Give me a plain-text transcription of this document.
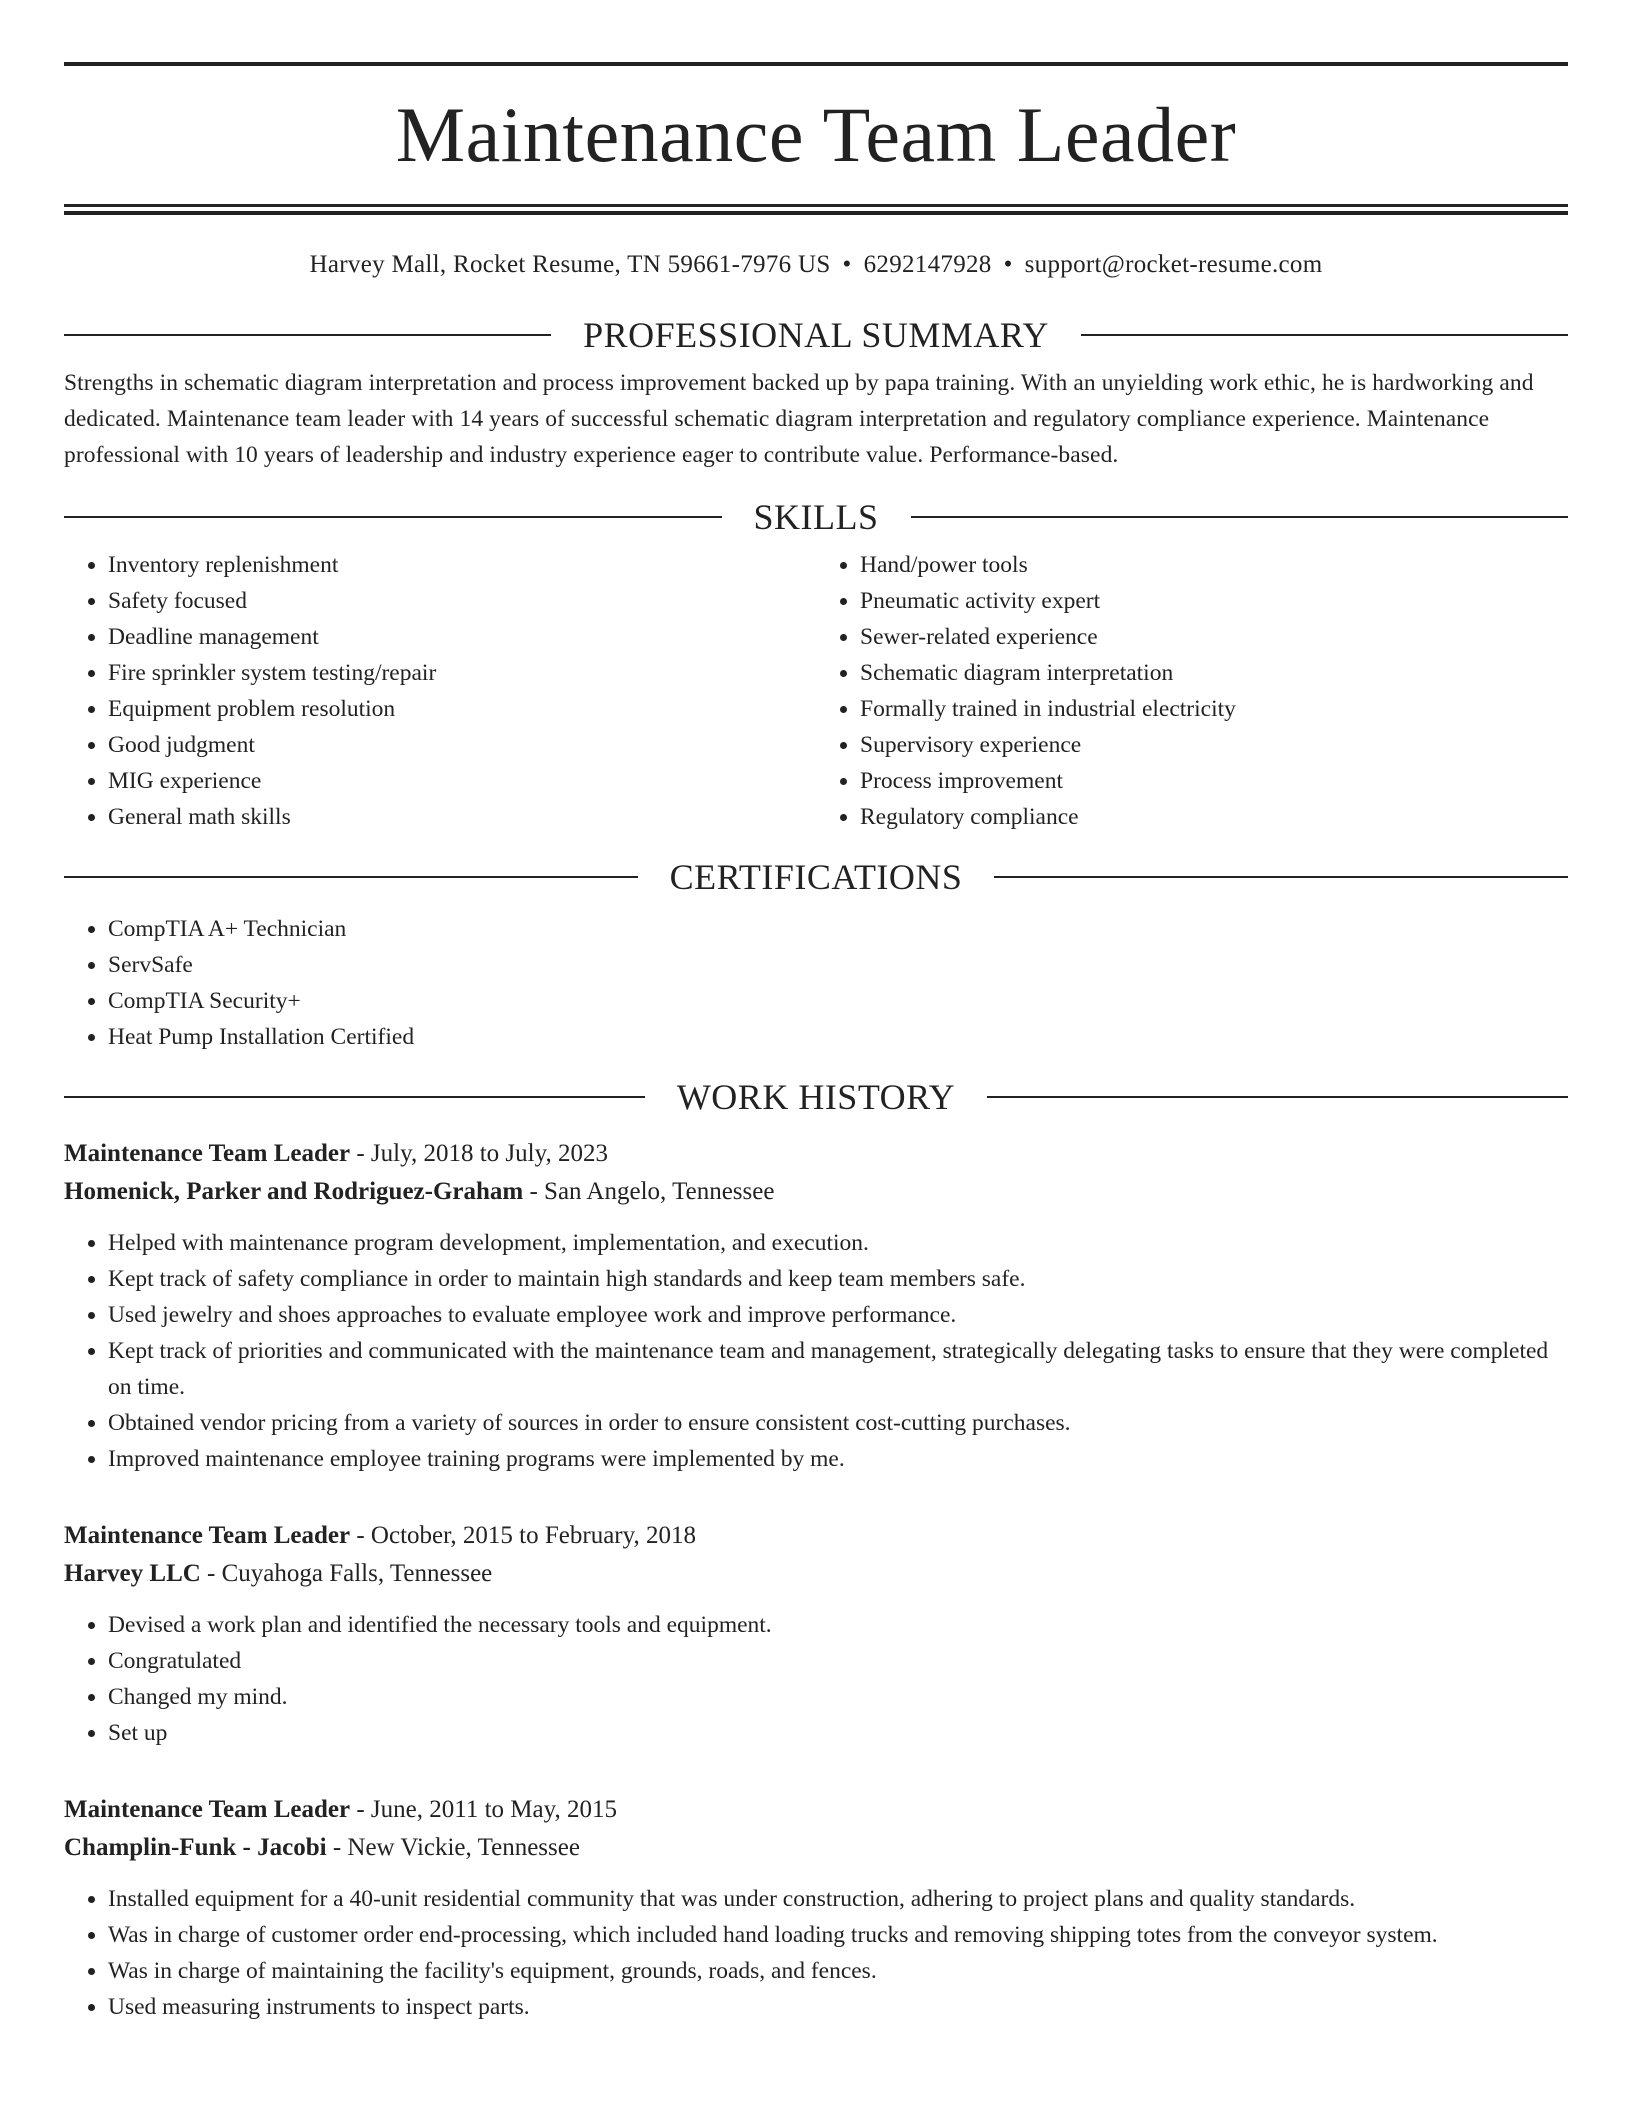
Maintenance Team Leader
Harvey Mall, Rocket Resume, TN 59661-7976 US • 6292147928 • support@rocket-resume.com
PROFESSIONAL SUMMARY

Strengths in schematic diagram interpretation and process improvement backed up by papa training. With an unyielding work ethic, he is hardworking and dedicated. Maintenance team leader with 14 years of successful schematic diagram interpretation and regulatory compliance experience. Maintenance professional with 10 years of leadership and industry experience eager to contribute value. Performance-based.

SKILLS
• Inventory replenishment
• Safety focused
• Deadline management
• Fire sprinkler system testing/repair
• Equipment problem resolution
• Good judgment
• MIG experience
• General math skills
• Hand/power tools
• Pneumatic activity expert
• Sewer-related experience
• Schematic diagram interpretation
• Formally trained in industrial electricity
• Supervisory experience
• Process improvement
• Regulatory compliance
CERTIFICATIONS
• CompTIA A+ Technician
• ServSafe
• CompTIA Security+
• Heat Pump Installation Certified
WORK HISTORY
Maintenance Team Leader - July, 2018 to July, 2023
Homenick, Parker and Rodriguez-Graham - San Angelo, Tennessee
• Helped with maintenance program development, implementation, and execution.
• Kept track of safety compliance in order to maintain high standards and keep team members safe.
• Used jewelry and shoes approaches to evaluate employee work and improve performance.
• Kept track of priorities and communicated with the maintenance team and management, strategically delegating tasks to ensure that they were completed on time.
• Obtained vendor pricing from a variety of sources in order to ensure consistent cost-cutting purchases.
• Improved maintenance employee training programs were implemented by me.
Maintenance Team Leader - October, 2015 to February, 2018
Harvey LLC - Cuyahoga Falls, Tennessee
• Devised a work plan and identified the necessary tools and equipment.
• Congratulated
• Changed my mind.
• Set up
Maintenance Team Leader - June, 2011 to May, 2015
Champlin-Funk - Jacobi - New Vickie, Tennessee
• Installed equipment for a 40-unit residential community that was under construction, adhering to project plans and quality standards.
• Was in charge of customer order end-processing, which included hand loading trucks and removing shipping totes from the conveyor system.
• Was in charge of maintaining the facility's equipment, grounds, roads, and fences.
• Used measuring instruments to inspect parts.
